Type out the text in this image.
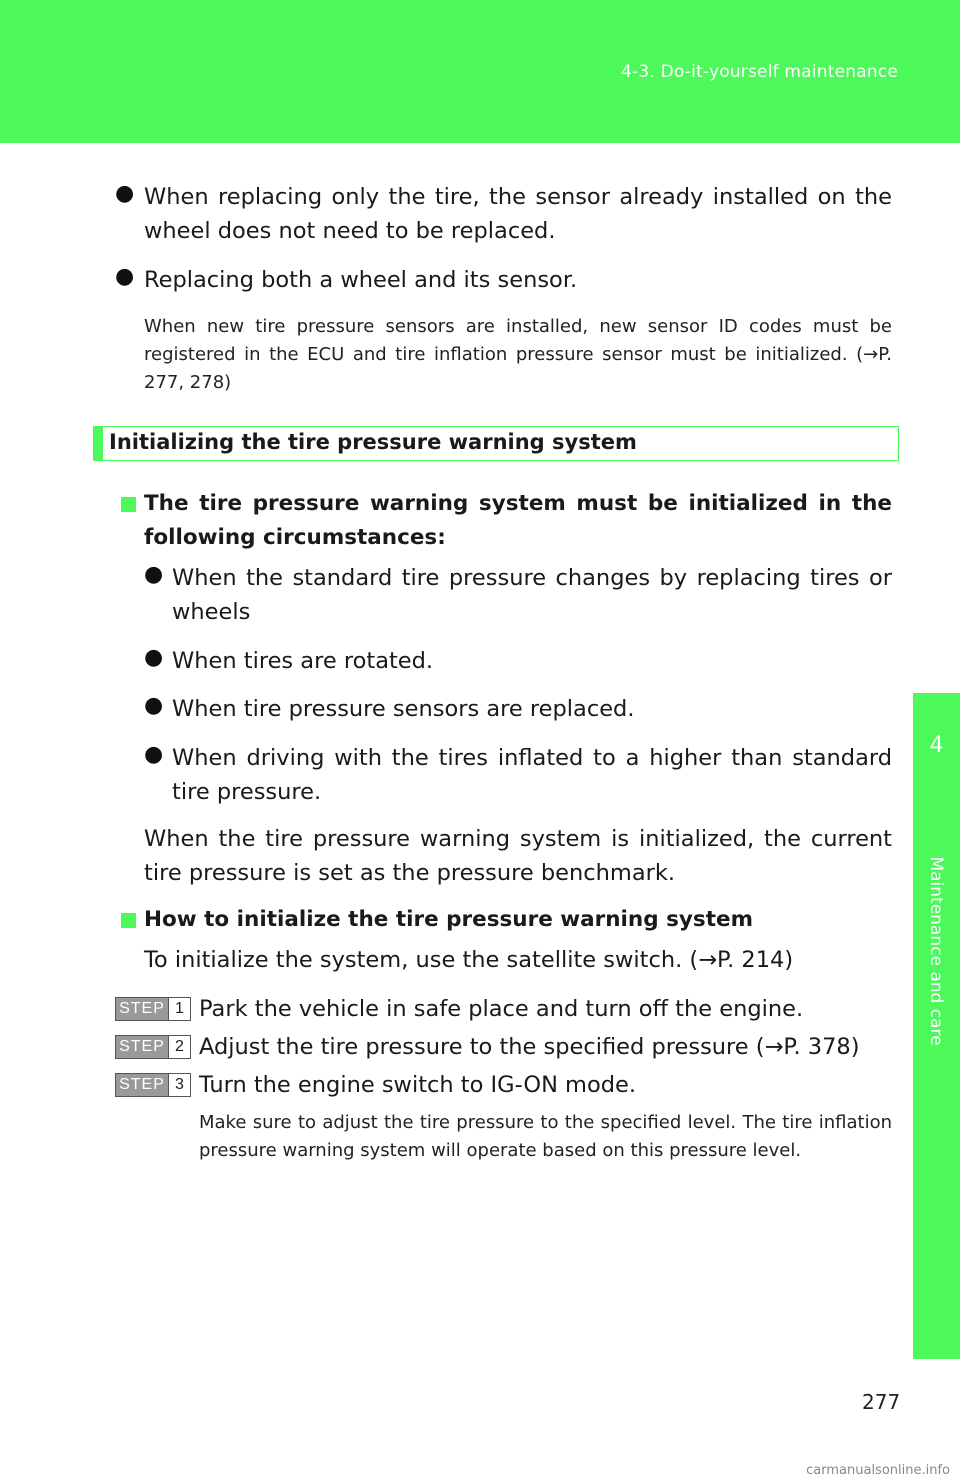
4-3. Do-it-yourself maintenance
4
Maintenance and care
● When replacing only the tire, the sensor already installed on the wheel does not need to be replaced.
● Replacing both a wheel and its sensor.
When new tire pressure sensors are installed, new sensor ID codes must be registered in the ECU and tire inflation pressure sensor must be initialized. (→P. 277, 278)
Initializing the tire pressure warning system
The tire pressure warning system must be initialized in the following circumstances:
● When the standard tire pressure changes by replacing tires or wheels
● When tires are rotated.
● When tire pressure sensors are replaced.
● When driving with the tires inflated to a higher than standard tire pressure.
When the tire pressure warning system is initialized, the current tire pressure is set as the pressure benchmark.
How to initialize the tire pressure warning system
To initialize the system, use the satellite switch. (→P. 214)
STEP 1 Park the vehicle in safe place and turn off the engine.
STEP 2 Adjust the tire pressure to the specified pressure (→P. 378)
STEP 3 Turn the engine switch to IG-ON mode.
Make sure to adjust the tire pressure to the specified level. The tire inflation pressure warning system will operate based on this pressure level.
277
carmanualsonline.info
